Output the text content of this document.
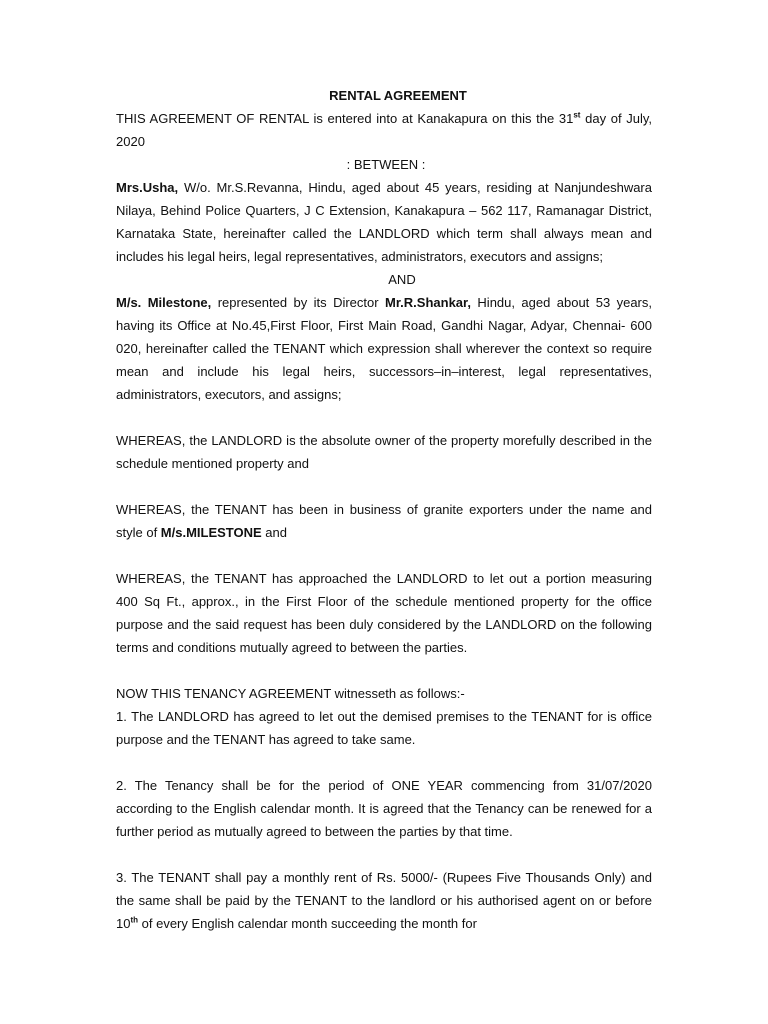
RENTAL AGREEMENT

THIS AGREEMENT OF RENTAL is entered into at Kanakapura on this the 31st day of July, 2020

: BETWEEN :

Mrs.Usha, W/o. Mr.S.Revanna, Hindu, aged about 45 years, residing at Nanjundeshwara Nilaya, Behind Police Quarters, J C Extension, Kanakapura – 562 117, Ramanagar District, Karnataka State, hereinafter called the LANDLORD which term shall always mean and includes his legal heirs, legal representatives, administrators, executors and assigns;

AND

M/s. Milestone, represented by its Director Mr.R.Shankar, Hindu, aged about 53 years, having its Office at No.45,First Floor, First Main Road, Gandhi Nagar, Adyar, Chennai- 600 020, hereinafter called the TENANT which expression shall wherever the context so require mean and include his legal heirs, successors–in–interest, legal representatives, administrators, executors, and assigns;

WHEREAS, the LANDLORD is the absolute owner of the property morefully described in the schedule mentioned property and

WHEREAS, the TENANT has been in business of granite exporters under the name and style of M/s.MILESTONE and

WHEREAS, the TENANT has approached the LANDLORD to let out a portion measuring 400 Sq Ft., approx., in the First Floor of the schedule mentioned property for the office purpose and the said request has been duly considered by the LANDLORD on the following terms and conditions mutually agreed to between the parties.

NOW THIS TENANCY AGREEMENT witnesseth as follows:-

1. The LANDLORD has agreed to let out the demised premises to the TENANT for is office purpose and the TENANT has agreed to take same.

2. The Tenancy shall be for the period of ONE YEAR commencing from 31/07/2020 according to the English calendar month. It is agreed that the Tenancy can be renewed for a further period as mutually agreed to between the parties by that time.

3. The TENANT shall pay a monthly rent of Rs. 5000/- (Rupees Five Thousands Only) and the same shall be paid by the TENANT to the landlord or his authorised agent on or before 10th of every English calendar month succeeding the month for
